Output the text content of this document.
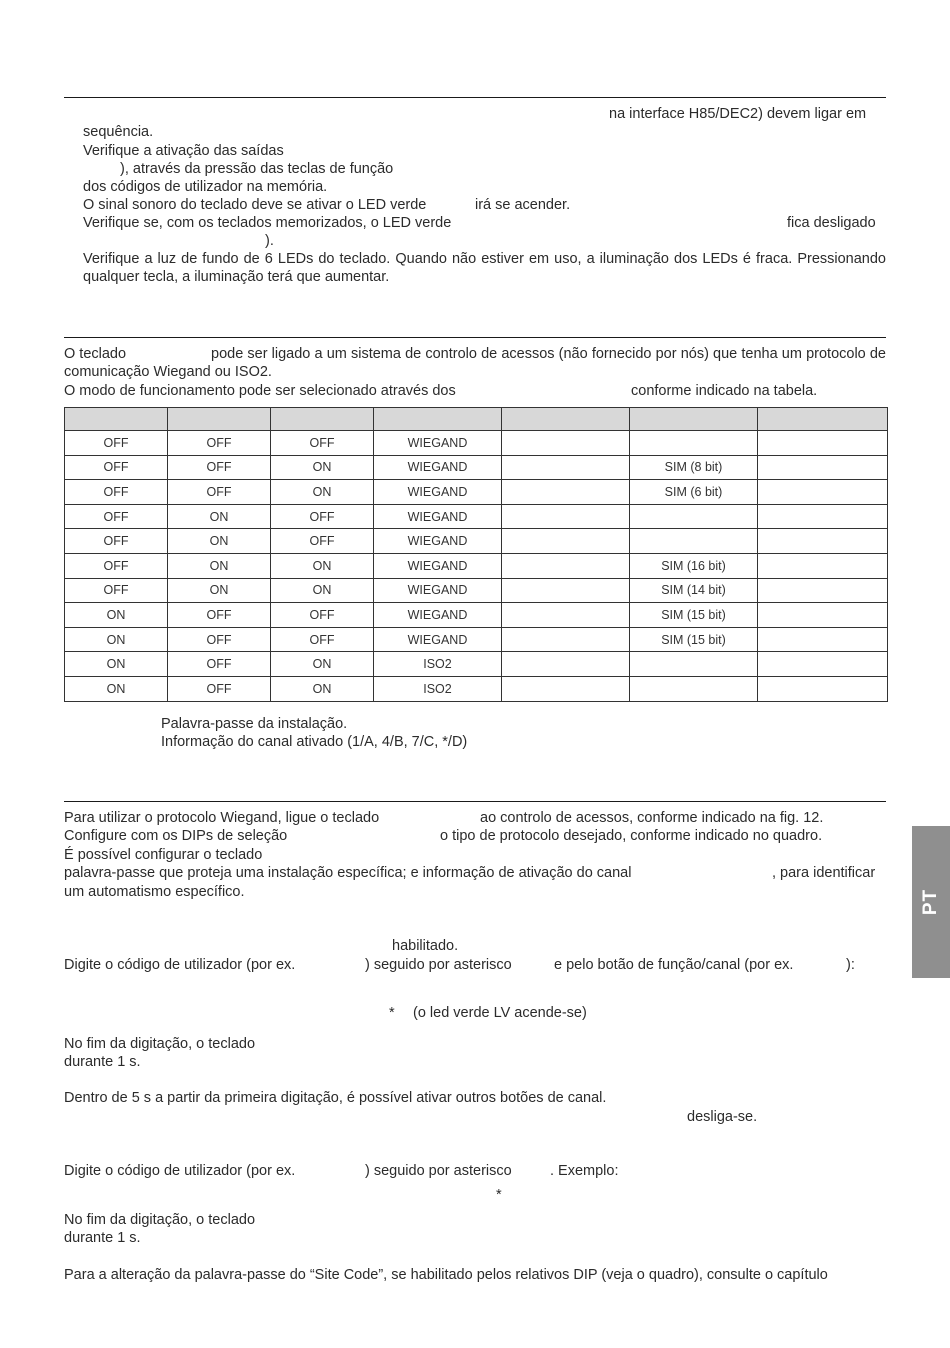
na interface H85/DEC2) devem ligar em
sequência.
Verifique a ativação das saídas
), através da pressão das teclas de função
dos códigos de utilizador na memória.
O sinal sonoro do teclado deve se ativar o LED verde	irá se acender.
Verifique se, com os teclados memorizados, o LED verde	fica desligado
).
Verifique a luz de fundo de 6 LEDs do teclado. Quando não estiver em uso, a iluminação dos LEDs é fraca. Pressionando qualquer tecla, a iluminação terá que aumentar.
O teclado	pode ser ligado a um sistema de controlo de acessos (não fornecido por nós) que tenha um protocolo de comunicação Wiegand ou ISO2.
O modo de funcionamento pode ser selecionado através dos	conforme indicado na tabela.

OFF	OFF	OFF	WIEGAND			
OFF	OFF	ON	WIEGAND		SIM (8 bit)	
OFF	OFF	ON	WIEGAND		SIM (6 bit)	
OFF	ON	OFF	WIEGAND			
OFF	ON	OFF	WIEGAND			
OFF	ON	ON	WIEGAND		SIM (16 bit)	
OFF	ON	ON	WIEGAND		SIM (14 bit)	
ON	OFF	OFF	WIEGAND		SIM (15 bit)	
ON	OFF	OFF	WIEGAND		SIM (15 bit)	
ON	OFF	ON	ISO2			
ON	OFF	ON	ISO2			
Palavra-passe da instalação.
Informação do canal ativado (1/A, 4/B, 7/C, */D)
Para utilizar o protocolo Wiegand, ligue o teclado	ao controlo de acessos, conforme indicado na fig. 12.
Configure com os DIPs de seleção	o tipo de protocolo desejado, conforme indicado no quadro.
É possível configurar o teclado
palavra-passe que proteja uma instalação específica; e informação de ativação do canal	, para identificar
um automatismo específico.
habilitado.
Digite o código de utilizador (por ex.	) seguido por asterisco	e pelo botão de função/canal (por ex.	):
* (o led verde LV acende-se)
No fim da digitação, o teclado
durante 1 s.
Dentro de 5 s a partir da primeira digitação, é possível ativar outros botões de canal.
desliga-se.
Digite o código de utilizador (por ex.	) seguido por asterisco	. Exemplo:
*
No fim da digitação, o teclado
durante 1 s.
Para a alteração da palavra-passe do “Site Code”, se habilitado pelos relativos DIP (veja o quadro), consulte o capítulo
PT
